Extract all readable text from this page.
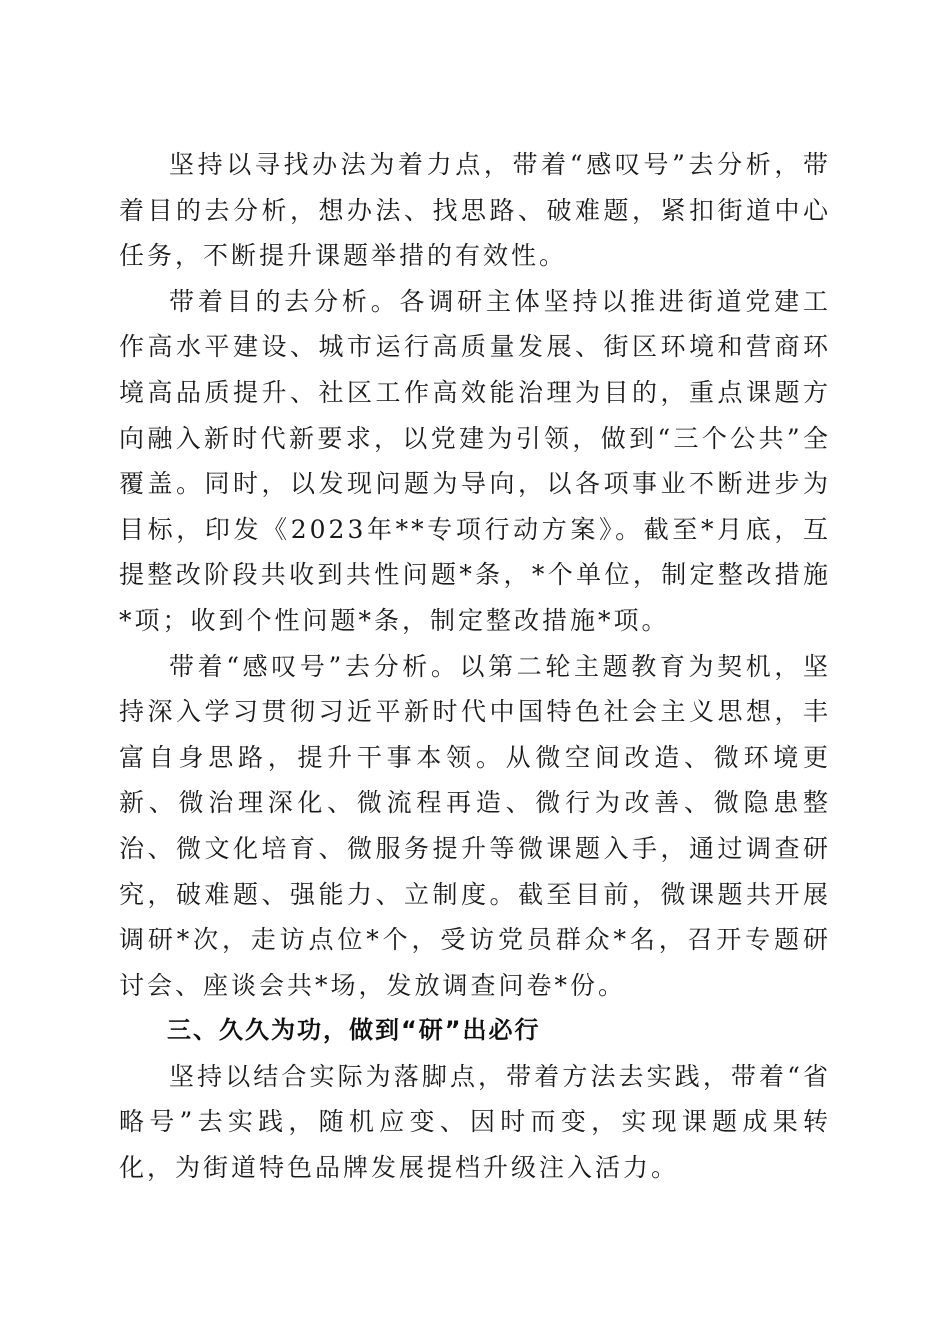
坚持以寻找办法为着力点，带着“感叹号”去分析，带着目的去分析，想办法、找思路、破难题，紧扣街道中心任务，不断提升课题举措的有效性。

带着目的去分析。各调研主体坚持以推进街道党建工作高水平建设、城市运行高质量发展、街区环境和营商环境高品质提升、社区工作高效能治理为目的，重点课题方向融入新时代新要求，以党建为引领，做到“三个公共”全覆盖。同时，以发现问题为导向，以各项事业不断进步为目标，印发《2023年**专项行动方案》。截至*月底，互提整改阶段共收到共性问题*条，*个单位，制定整改措施*项；收到个性问题*条，制定整改措施*项。

带着“感叹号”去分析。以第二轮主题教育为契机，坚持深入学习贯彻习近平新时代中国特色社会主义思想，丰富自身思路，提升干事本领。从微空间改造、微环境更新、微治理深化、微流程再造、微行为改善、微隐患整治、微文化培育、微服务提升等微课题入手，通过调查研究，破难题、强能力、立制度。截至目前，微课题共开展调研*次，走访点位*个，受访党员群众*名，召开专题研讨会、座谈会共*场，发放调查问卷*份。

三、久久为功，做到“研”出必行

坚持以结合实际为落脚点，带着方法去实践，带着“省略号”去实践，随机应变、因时而变，实现课题成果转化，为街道特色品牌发展提档升级注入活力。
